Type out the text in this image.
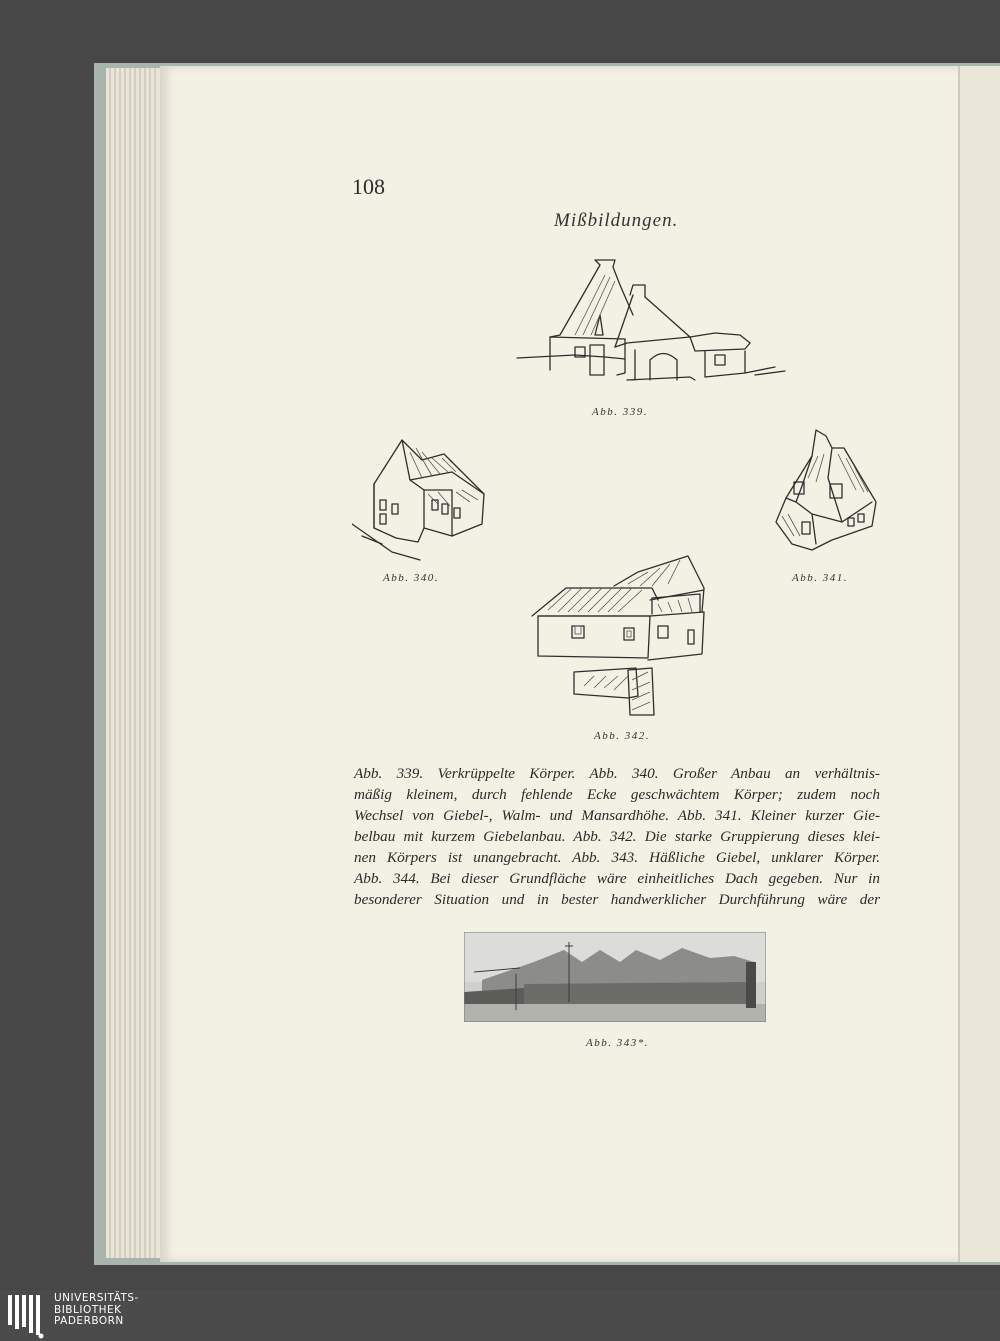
108
Mißbildungen.
Abb. 339.
Abb. 340.	Abb. 341.
Abb. 342.
Abb. 339. Verkrüppelte Körper. Abb. 340. Großer Anbau an verhältnis-
mäßig kleinem, durch fehlende Ecke geschwächtem Körper; zudem noch
Wechsel von Giebel-, Walm- und Mansardhöhe. Abb. 341. Kleiner kurzer Gie-
belbau mit kurzem Giebelanbau. Abb. 342. Die starke Gruppierung dieses klei-
nen Körpers ist unangebracht. Abb. 343. Häßliche Giebel, unklarer Körper.
Abb. 344. Bei dieser Grundfläche wäre einheitliches Dach gegeben. Nur in
besonderer Situation und in bester handwerklicher Durchführung wäre der
Abb. 343*.
UNIVERSITÄTS-
BIBLIOTHEK
PADERBORN
